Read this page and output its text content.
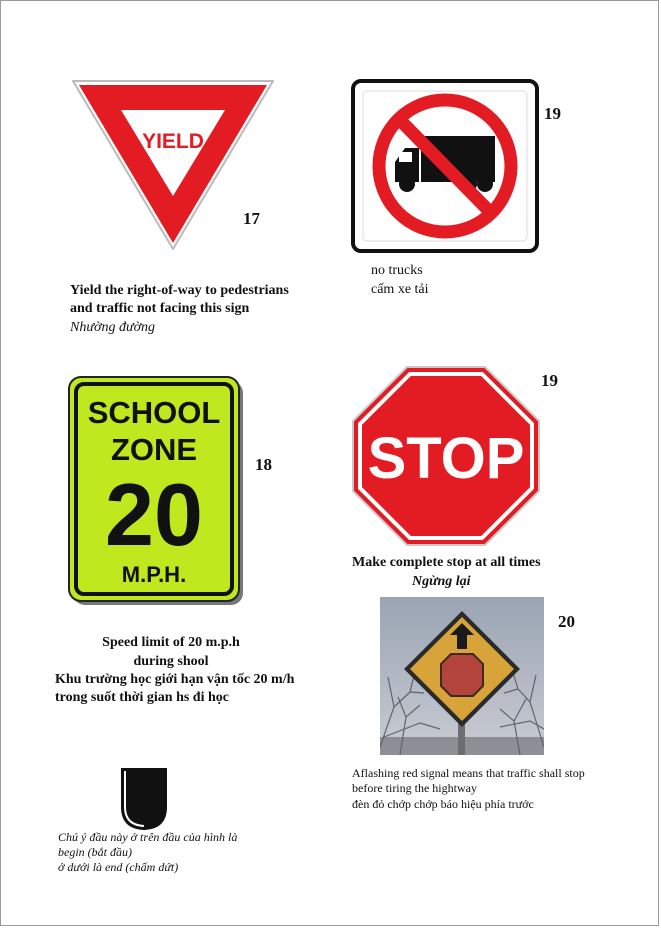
YIELD
17
Yield the right-of-way to pedestrians
and traffic not facing this sign
Nhường đường
19
no trucks
cấm xe tải
SCHOOL
ZONE
20
M.P.H.
18
Speed limit of 20 m.p.h
during shool
Khu trường học giới hạn vận tốc 20 m/h
trong suốt thời gian hs đi học
STOP
19
Make complete stop at all times
Ngừng lại
20
Aflashing red signal means that traffic shall stop
before tiring the hightway
đèn đỏ chớp chớp báo hiệu phía trước
Chú ý đầu này ở trên đầu của hình là
begin (bắt đầu)
ở dưới là end (chấm dứt)
